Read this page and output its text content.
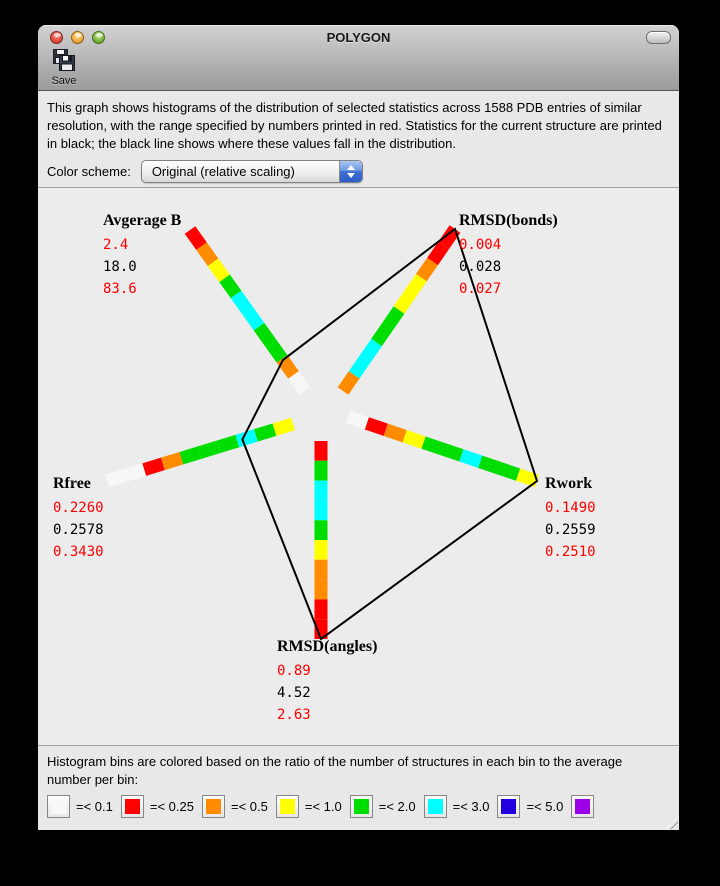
POLYGON
Save
This graph shows histograms of the distribution of selected statistics across 1588 PDB entries of similar resolution, with the range specified by numbers printed in red. Statistics for the current structure are printed in black; the black line shows where these values fall in the distribution.
Color scheme:	Original (relative scaling)
Avgerage B
2.4
18.0
83.6
RMSD(bonds)
0.004
0.028
0.027
Rfree
0.2260
0.2578
0.3430
Rwork
0.1490
0.2559
0.2510
RMSD(angles)
0.89
4.52
2.63
Histogram bins are colored based on the ratio of the number of structures in each bin to the average number per bin:
=< 0.1	=< 0.25	=< 0.5	=< 1.0	=< 2.0	=< 3.0	=< 5.0
